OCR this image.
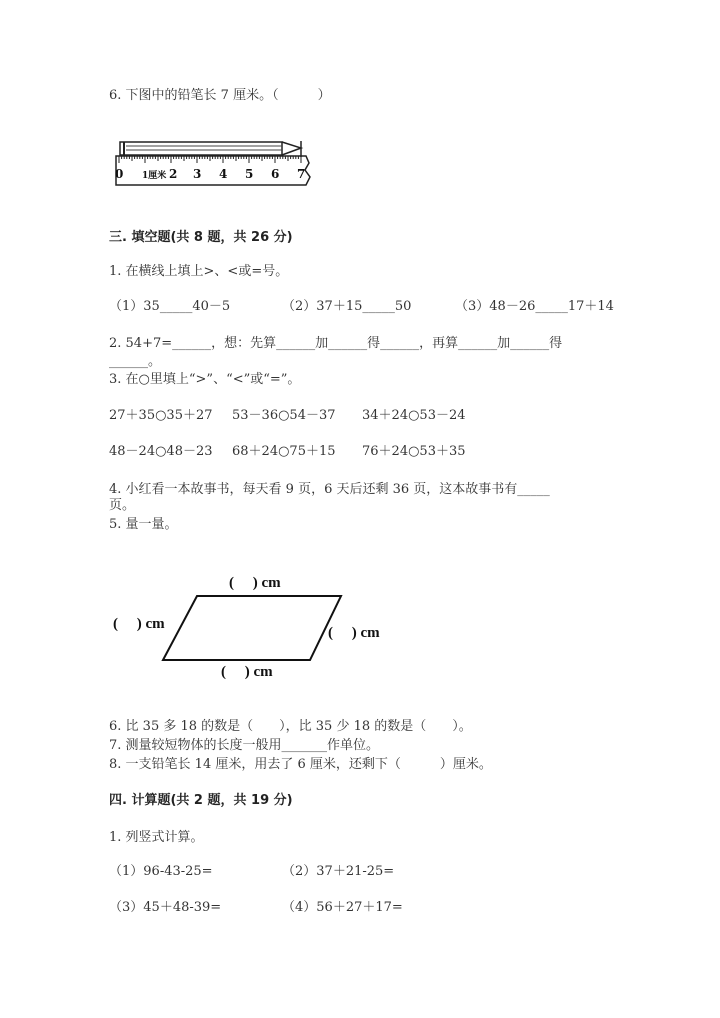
6. 下图中的铅笔长 7 厘米。（　　　）
0 1厘米 2 3 4 5 6 7
三. 填空题(共 8 题，共 26 分)
1. 在横线上填上>、<或=号。
（1）35_____40－5	（2）37＋15_____50	（3）48－26_____17＋14
2. 54+7=______，想：先算______加______得______，再算______加______得
______。
3. 在○里填上“>”、“<”或“=”。
27＋35○35＋27 53－36○54－37 34＋24○53－24
48－24○48－23 68＋24○75＋15 76＋24○53＋35
4. 小红看一本故事书，每天看 9 页，6 天后还剩 36 页，这本故事书有_____
页。
5. 量一量。
(　 ) cm
(　 ) cm
(　 ) cm
(　 ) cm
6. 比 35 多 18 的数是（　　），比 35 少 18 的数是（　　）。
7. 测量较短物体的长度一般用_______作单位。
8. 一支铅笔长 14 厘米，用去了 6 厘米，还剩下（　　　）厘米。
四. 计算题(共 2 题，共 19 分)
1. 列竖式计算。
（1）96-43-25=	（2）37＋21-25=
（3）45＋48-39=	（4）56＋27＋17=
